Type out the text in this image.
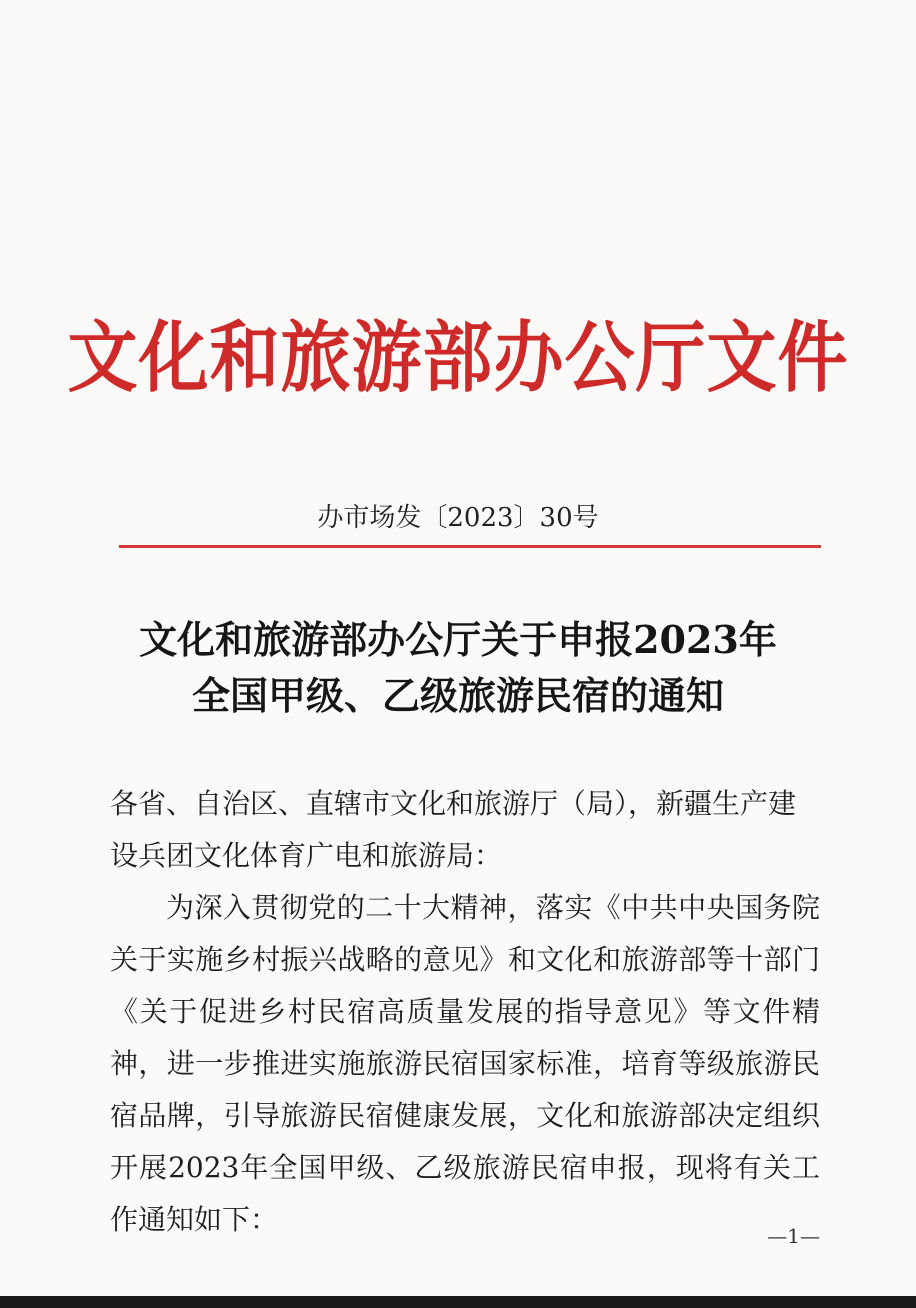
文化和旅游部办公厅文件
办市场发〔2023〕30号
文化和旅游部办公厅关于申报2023年
全国甲级、乙级旅游民宿的通知
各省、自治区、直辖市文化和旅游厅（局），新疆生产建设兵团文化体育广电和旅游局：
为深入贯彻党的二十大精神，落实《中共中央国务院关于实施乡村振兴战略的意见》和文化和旅游部等十部门《关于促进乡村民宿高质量发展的指导意见》等文件精神，进一步推进实施旅游民宿国家标准，培育等级旅游民宿品牌，引导旅游民宿健康发展，文化和旅游部决定组织开展2023年全国甲级、乙级旅游民宿申报，现将有关工作通知如下：	—1—
